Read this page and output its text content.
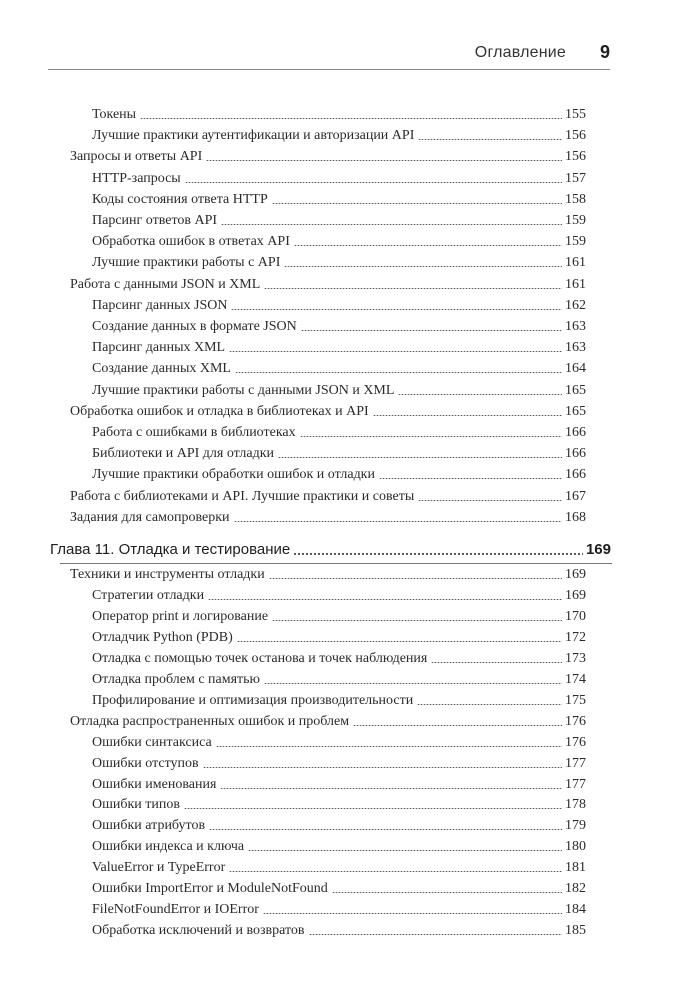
Оглавление 9
Токены	155
Лучшие практики аутентификации и авторизации API	156
Запросы и ответы API	156
HTTP-запросы	157
Коды состояния ответа HTTP	158
Парсинг ответов API	159
Обработка ошибок в ответах API	159
Лучшие практики работы с API	161
Работа с данными JSON и XML	161
Парсинг данных JSON	162
Создание данных в формате JSON	163
Парсинг данных XML	163
Создание данных XML	164
Лучшие практики работы с данными JSON и XML	165
Обработка ошибок и отладка в библиотеках и API	165
Работа с ошибками в библиотеках	166
Библиотеки и API для отладки	166
Лучшие практики обработки ошибок и отладки	166
Работа с библиотеками и API. Лучшие практики и советы	167
Задания для самопроверки	168
Глава 11. Отладка и тестирование	169
Техники и инструменты отладки	169
Стратегии отладки	169
Оператор print и логирование	170
Отладчик Python (PDB)	172
Отладка с помощью точек останова и точек наблюдения	173
Отладка проблем с памятью	174
Профилирование и оптимизация производительности	175
Отладка распространенных ошибок и проблем	176
Ошибки синтаксиса	176
Ошибки отступов	177
Ошибки именования	177
Ошибки типов	178
Ошибки атрибутов	179
Ошибки индекса и ключа	180
ValueError и TypeError	181
Ошибки ImportError и ModuleNotFound	182
FileNotFoundError и IOError	184
Обработка исключений и возвратов	185
